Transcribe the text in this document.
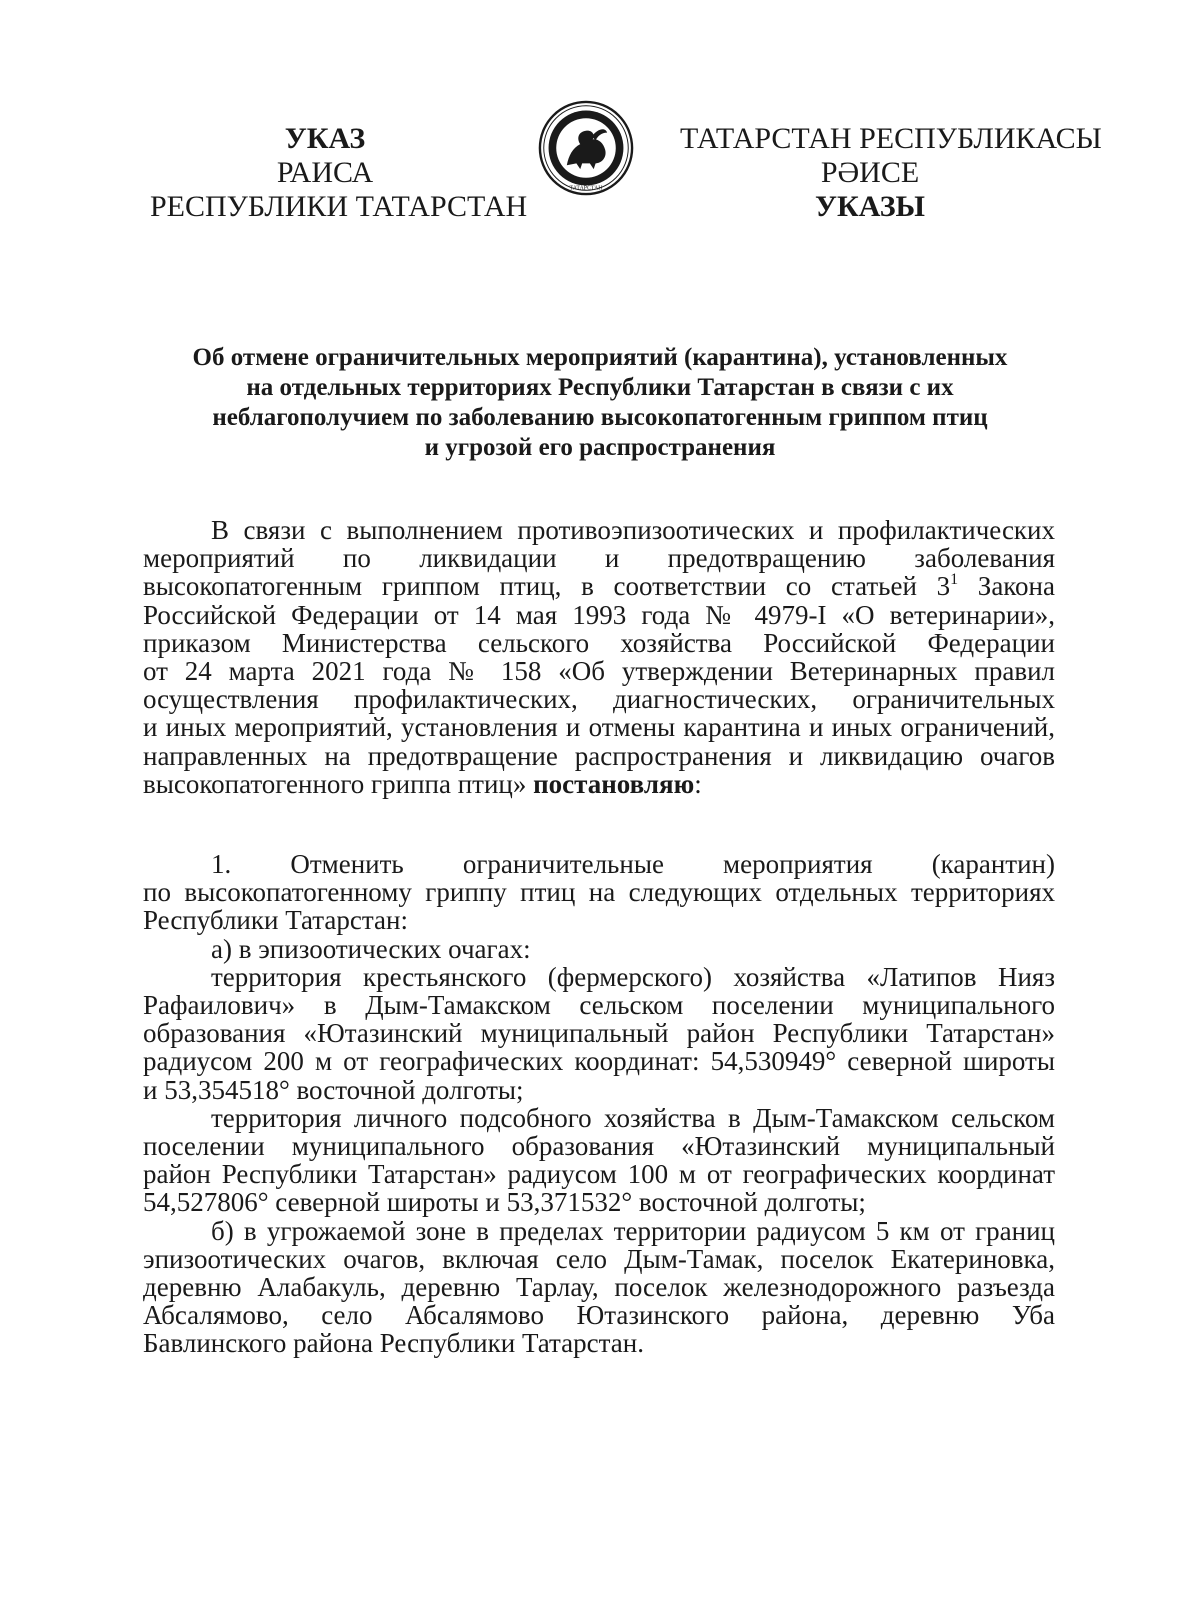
УКАЗ
РАИСА
РЕСПУБЛИКИ ТАТАРСТАН
ТАТАРСТАН
ТАТАРСТАН РЕСПУБЛИКАСЫ
РӘИСЕ
УКАЗЫ
Об отмене ограничительных мероприятий (карантина), установленных
на отдельных территориях Республики Татарстан в связи с их
неблагополучием по заболеванию высокопатогенным гриппом птиц
и угрозой его распространения
В связи с выполнением противоэпизоотических и профилактических
мероприятий по ликвидации и предотвращению заболевания
высокопатогенным гриппом птиц, в соответствии со статьей $3^1$ Закона
Российской Федерации от 14 мая 1993 года № 4979-I «О ветеринарии»,
приказом Министерства сельского хозяйства Российской Федерации
от 24 марта 2021 года № 158 «Об утверждении Ветеринарных правил
осуществления профилактических, диагностических, ограничительных
и иных мероприятий, установления и отмены карантина и иных ограничений,
направленных на предотвращение распространения и ликвидацию очагов
высокопатогенного гриппа птиц» постановляю:
1. Отменить ограничительные мероприятия (карантин)
по высокопатогенному гриппу птиц на следующих отдельных территориях
Республики Татарстан:
а) в эпизоотических очагах:
территория крестьянского (фермерского) хозяйства «Латипов Нияз
Рафаилович» в Дым-Тамакском сельском поселении муниципального
образования «Ютазинский муниципальный район Республики Татарстан»
радиусом 200 м от географических координат: 54,530949° северной широты
и 53,354518° восточной долготы;
территория личного подсобного хозяйства в Дым-Тамакском сельском
поселении муниципального образования «Ютазинский муниципальный
район Республики Татарстан» радиусом 100 м от географических координат
54,527806° северной широты и 53,371532° восточной долготы;
б) в угрожаемой зоне в пределах территории радиусом 5 км от границ
эпизоотических очагов, включая село Дым-Тамак, поселок Екатериновка,
деревню Алабакуль, деревню Тарлау, поселок железнодорожного разъезда
Абсалямово, село Абсалямово Ютазинского района, деревню Уба
Бавлинского района Республики Татарстан.
